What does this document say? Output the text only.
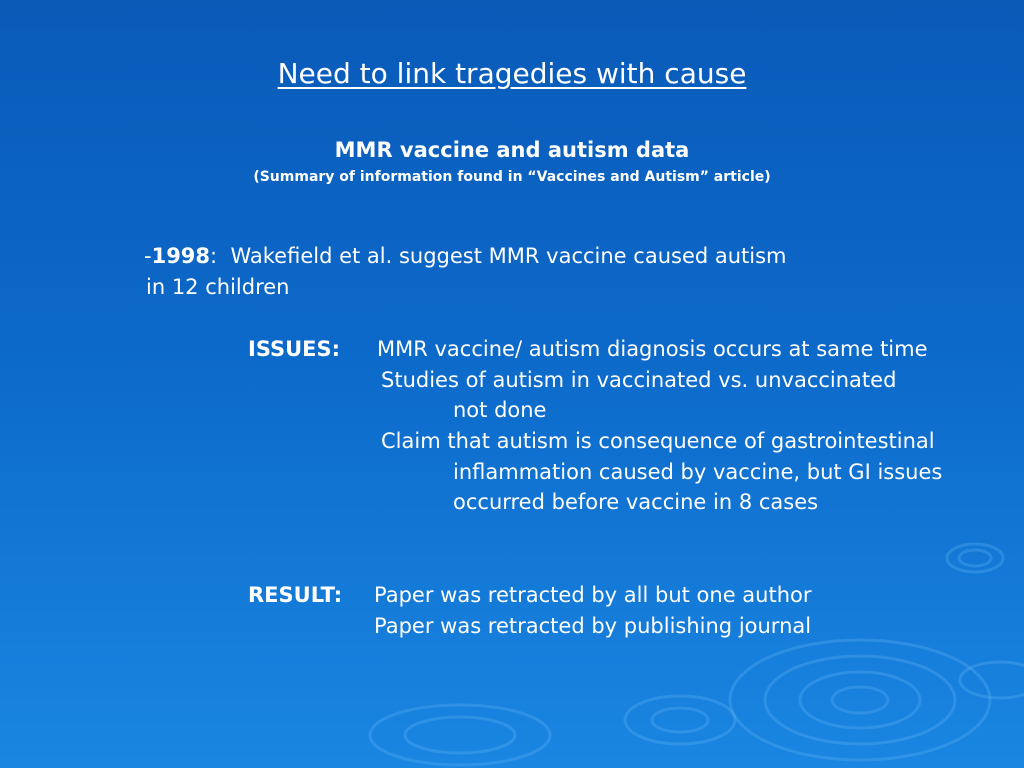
Need to link tragedies with cause
MMR vaccine and autism data
(Summary of information found in “Vaccines and Autism” article)
-1998: Wakefield et al. suggest MMR vaccine caused autism
in 12 children
ISSUES: MMR vaccine/ autism diagnosis occurs at same time
Studies of autism in vaccinated vs. unvaccinated
not done
Claim that autism is consequence of gastrointestinal
inflammation caused by vaccine, but GI issues
occurred before vaccine in 8 cases
RESULT: Paper was retracted by all but one author
Paper was retracted by publishing journal
